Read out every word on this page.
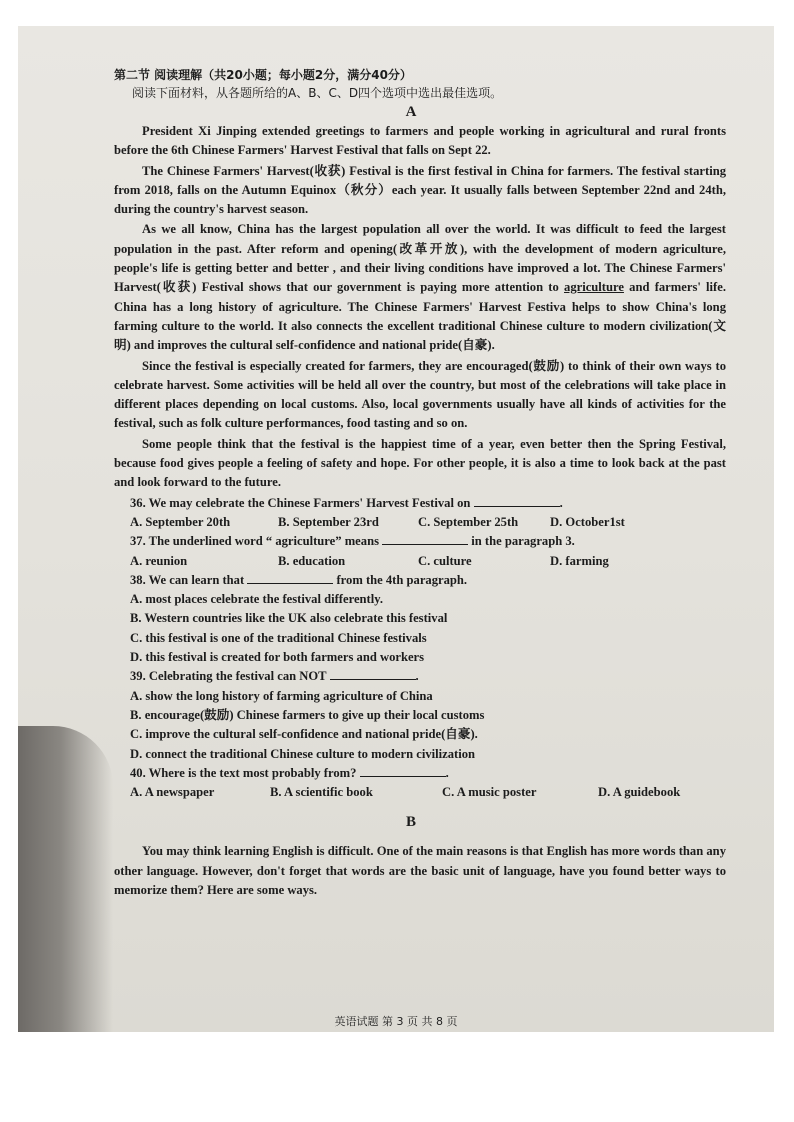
第二节 阅读理解（共20小题；每小题2分，满分40分）
阅读下面材料，从各题所给的A、B、C、D四个选项中选出最佳选项。
A

President Xi Jinping extended greetings to farmers and people working in agricultural and rural fronts before the 6th Chinese Farmers' Harvest Festival that falls on Sept 22.

The Chinese Farmers' Harvest(收获) Festival is the first festival in China for farmers. The festival starting from 2018, falls on the Autumn Equinox（秋分）each year. It usually falls between September 22nd and 24th, during the country's harvest season.

As we all know, China has the largest population all over the world. It was difficult to feed the largest population in the past. After reform and opening(改革开放), with the development of modern agriculture, people's life is getting better and better , and their living conditions have improved a lot. The Chinese Farmers' Harvest(收获) Festival shows that our government is paying more attention to agriculture and farmers' life. China has a long history of agriculture. The Chinese Farmers' Harvest Festiva helps to show China's long farming culture to the world. It also connects the excellent traditional Chinese culture to modern civilization(文明) and improves the cultural self-confidence and national pride(自豪).

Since the festival is especially created for farmers, they are encouraged(鼓励) to think of their own ways to celebrate harvest. Some activities will be held all over the country, but most of the celebrations will take place in different places depending on local customs. Also, local governments usually have all kinds of activities for the festival, such as folk culture performances, food tasting and so on.

Some people think that the festival is the happiest time of a year, even better then the Spring Festival, because food gives people a feeling of safety and hope. For other people, it is also a time to look back at the past and look forward to the future.

36. We may celebrate the Chinese Farmers' Harvest Festival on	.

A. September 20th	B. September 23rd	C. September 25th	D. October1st

37. The underlined word “ agriculture” means	in the paragraph 3.

A. reunion	B. education	C. culture	D. farming

38. We can learn that	from the 4th paragraph.

A. most places celebrate the festival differently.

B. Western countries like the UK also celebrate this festival

C. this festival is one of the traditional Chinese festivals

D. this festival is created for both farmers and workers

39. Celebrating the festival can NOT	.

A. show the long history of farming agriculture of China

B. encourage(鼓励) Chinese farmers to give up their local customs

C. improve the cultural self-confidence and national pride(自豪).

D. connect the traditional Chinese culture to modern civilization

40. Where is the text most probably from?	.

A. A newspaper	B. A scientific book	C. A music poster	D. A guidebook
B

You may think learning English is difficult. One of the main reasons is that English has more words than any other language. However, don't forget that words are the basic unit of language, have you found better ways to memorize them? Here are some ways.

英语试题 第 3 页 共 8 页
